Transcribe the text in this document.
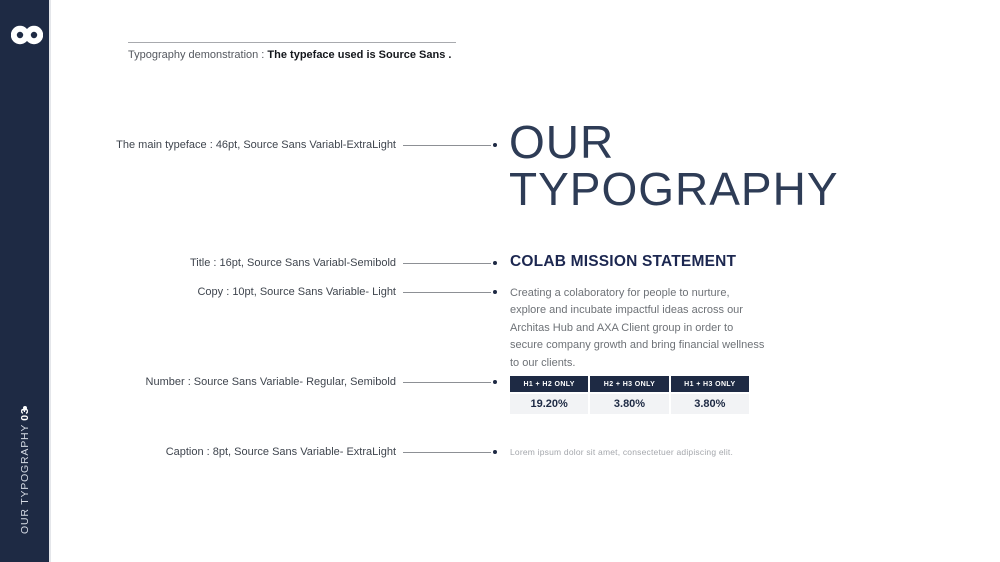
OUR TYPOGRAPHY03
Typography demonstration : The typeface used is Source Sans .
The main typeface : 46pt, Source Sans Variabl-ExtraLight
Title : 16pt, Source Sans Variabl-Semibold
Copy : 10pt, Source Sans Variable- Light
Number : Source Sans Variable- Regular, Semibold
Caption : 8pt, Source Sans Variable- ExtraLight
OUR
TYPOGRAPHY
COLAB MISSION STATEMENT
Creating a colaboratory for people to nurture, explore and incubate impactful ideas across our Architas Hub and AXA Client group in order to secure company growth and bring financial wellness to our clients.
H1 + H2 ONLY	H2 + H3 ONLY	H1 + H3 ONLY
19.20%	3.80%	3.80%
Lorem ipsum dolor sit amet, consectetuer adipiscing elit.
